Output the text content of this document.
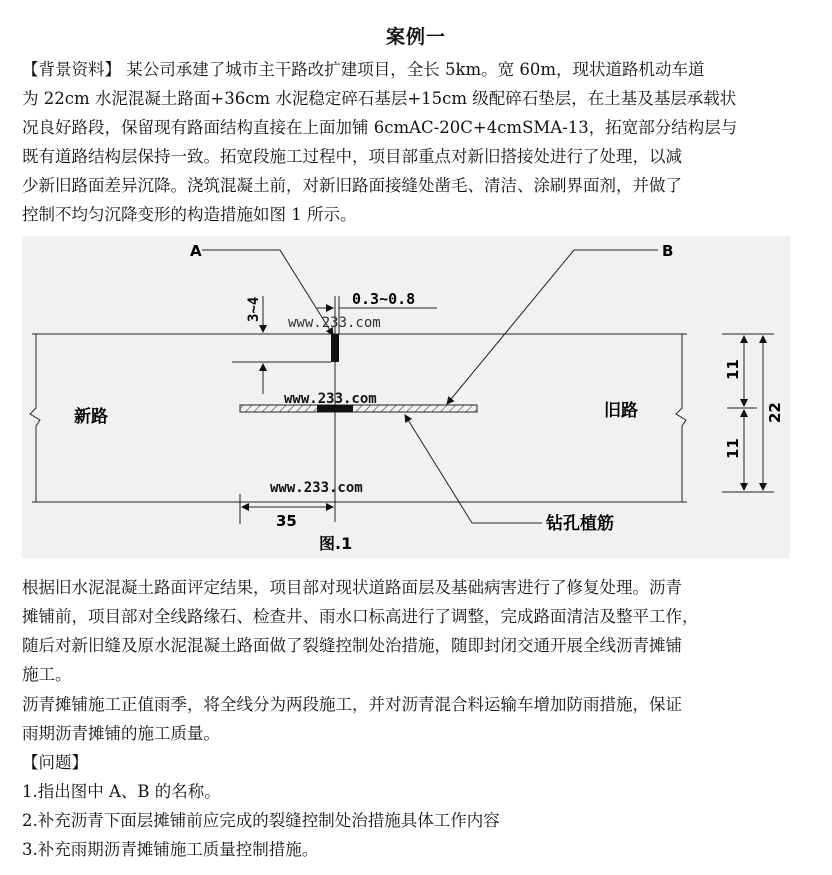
案例一
【背景资料】 某公司承建了城市主干路改扩建项目，全长 5km。宽 60m，现状道路机动车道
为 22cm 水泥混凝土路面+36cm 水泥稳定碎石基层+15cm 级配碎石垫层，在土基及基层承载状
况良好路段，保留现有路面结构直接在上面加铺 6cmAC-20C+4cmSMA-13，拓宽部分结构层与
既有道路结构层保持一致。拓宽段施工过程中，项目部重点对新旧搭接处进行了处理，以减
少新旧路面差异沉降。浇筑混凝土前，对新旧路面接缝处凿毛、清洁、涂刷界面剂，并做了
控制不均匀沉降变形的构造措施如图 1 所示。
A	B
3~4	0.3~0.8
www.233.com
www.233.com
www.233.com
新路	旧路
11
11
22
35	钻孔植筋
图.1
根据旧水泥混凝土路面评定结果，项目部对现状道路面层及基础病害进行了修复处理。沥青
摊铺前，项目部对全线路缘石、检查井、雨水口标高进行了调整，完成路面清洁及整平工作，
随后对新旧缝及原水泥混凝土路面做了裂缝控制处治措施，随即封闭交通开展全线沥青摊铺
施工。
沥青摊铺施工正值雨季，将全线分为两段施工，并对沥青混合料运输车增加防雨措施，保证
雨期沥青摊铺的施工质量。
【问题】
1.指出图中 A、B 的名称。
2.补充沥青下面层摊铺前应完成的裂缝控制处治措施具体工作内容
3.补充雨期沥青摊铺施工质量控制措施。
